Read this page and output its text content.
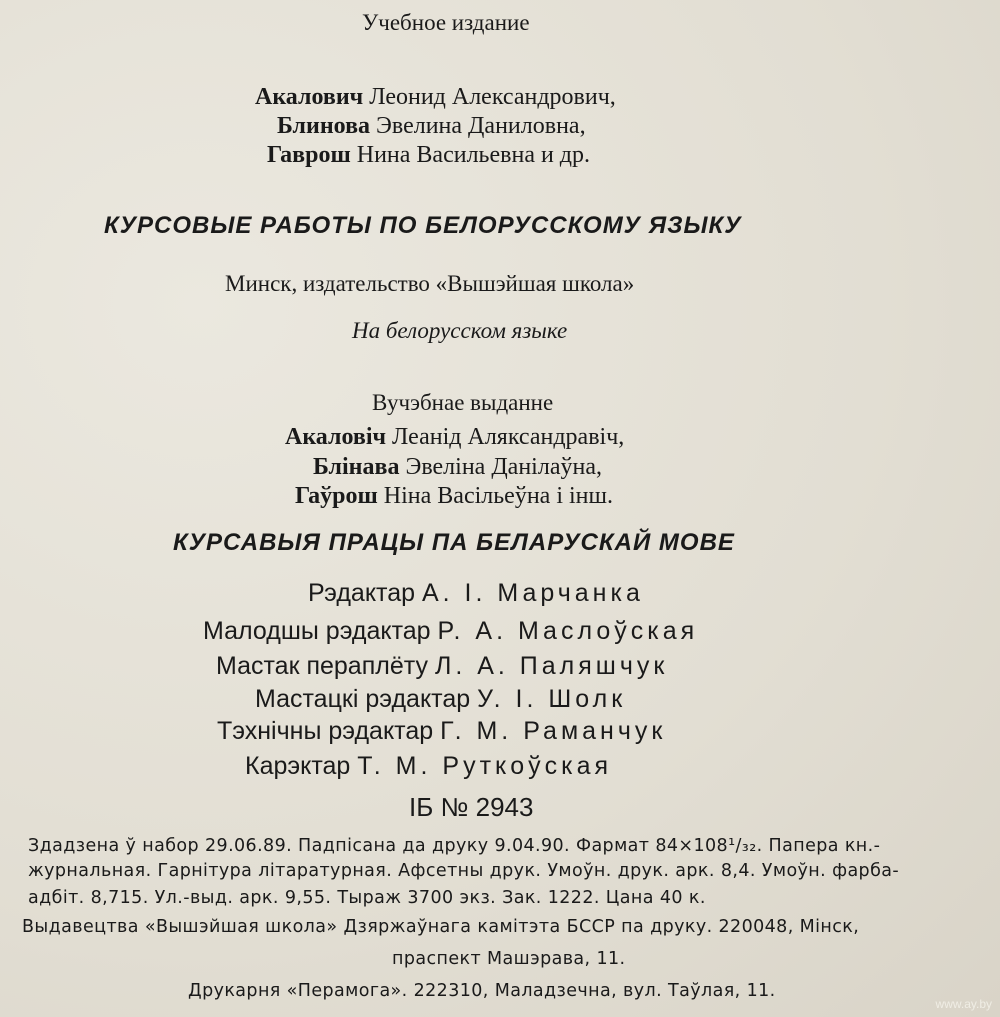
Учебное издание
Акалович Леонид Александрович,
Блинова Эвелина Даниловна,
Гаврош Нина Васильевна и др.
КУРСОВЫЕ РАБОТЫ ПО БЕЛОРУССКОМУ ЯЗЫКУ
Минск, издательство «Вышэйшая школа»
На белорусском языке
Вучэбнае выданне
Акаловіч Леанід Аляксандравіч,
Блінава Эвеліна Данілаўна,
Гаўрош Ніна Васільеўна і інш.
КУРСАВЫЯ ПРАЦЫ ПА БЕЛАРУСКАЙ МОВЕ
Рэдактар А. І. Марчанка
Малодшы рэдактар Р. А. Маслоўская
Мастак пераплёту Л. А. Паляшчук
Мастацкі рэдактар У. І. Шолк
Тэхнічны рэдактар Г. М. Раманчук
Карэктар Т. М. Руткоўская
ІБ № 2943
Здадзена ў набор 29.06.89. Падпісана да друку 9.04.90. Фармат 84×108¹/₃₂. Папера кн.-
журнальная. Гарнітура літаратурная. Афсетны друк. Умоўн. друк. арк. 8,4. Умоўн. фарба-
адбіт. 8,715. Ул.-выд. арк. 9,55. Тыраж 3700 экз. Зак. 1222. Цана 40 к.
Выдавецтва «Вышэйшая школа» Дзяржаўнага камітэта БССР па друку. 220048, Мінск,
праспект Машэрава, 11.
Друкарня «Перамога». 222310, Маладзечна, вул. Таўлая, 11.
www.ay.by
